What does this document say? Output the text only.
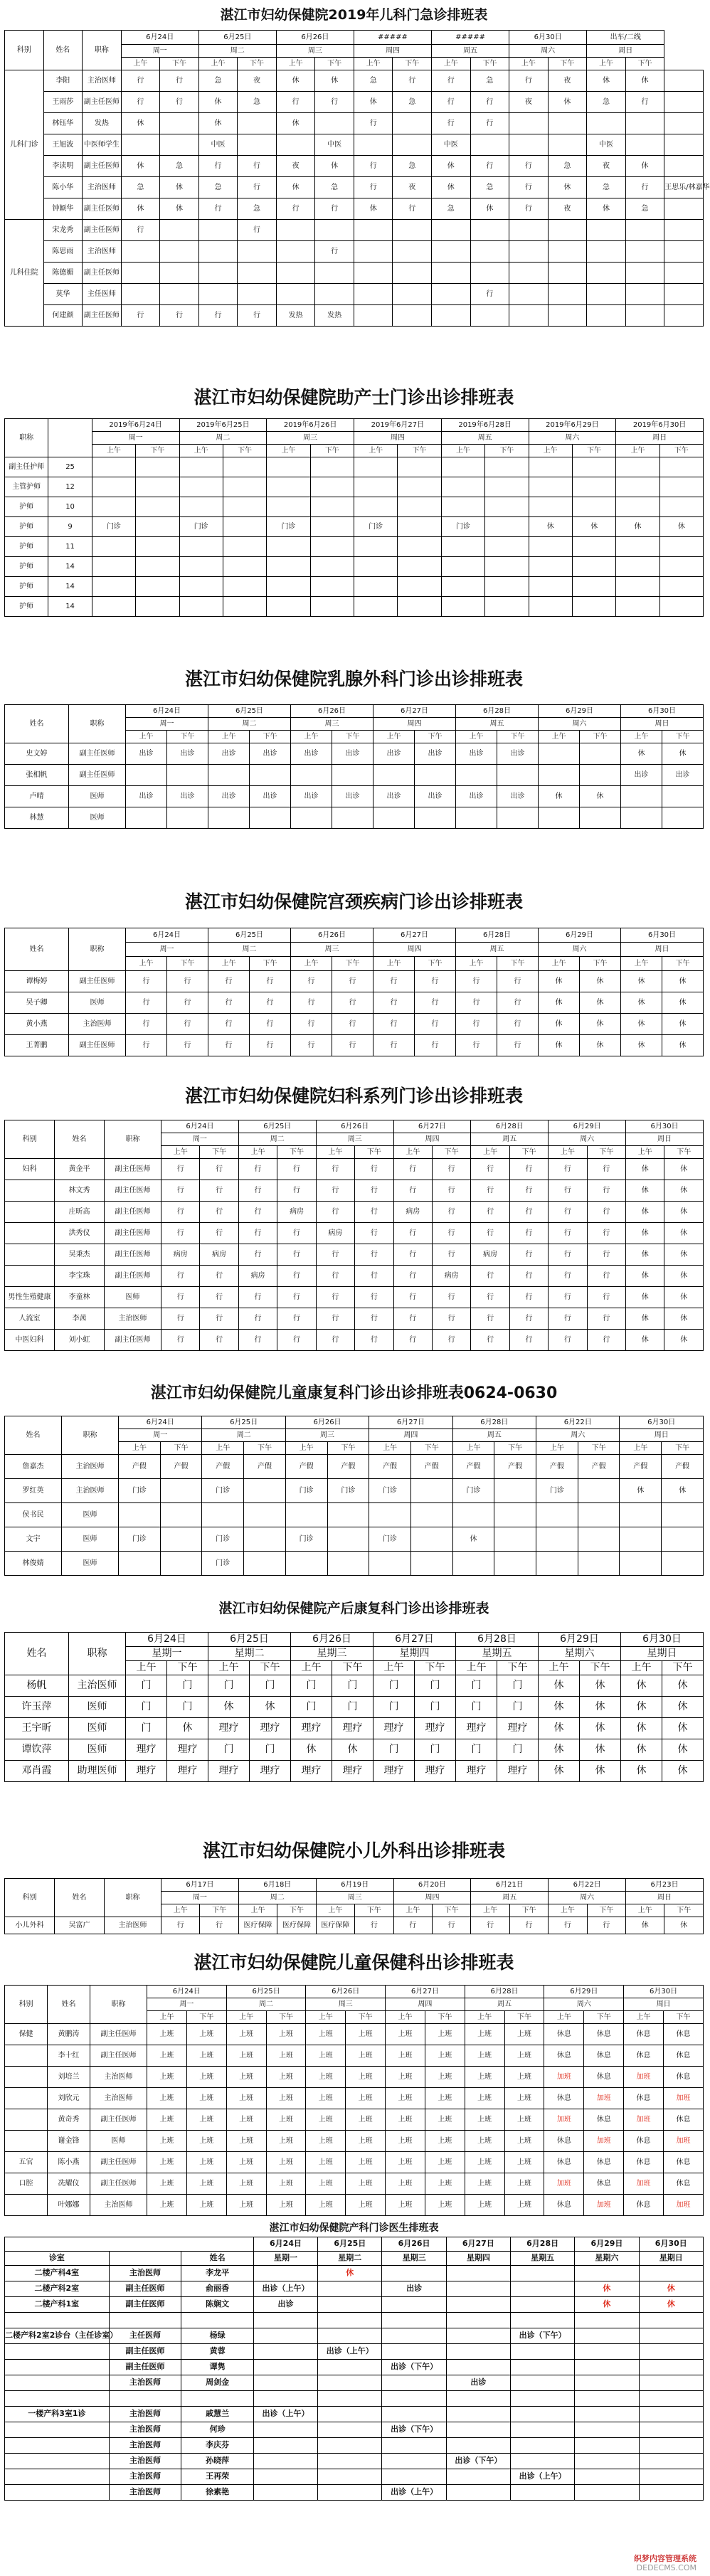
湛江市妇幼保健院2019年儿科门急诊排班表
科别	姓名	职称	6月24日		6月25日		6月26日		#####		#####		6月30日		出车/二线		
			周一		周二		周三		周四		周五		周六		周日		
			上午	下午	上午	下午	上午	下午	上午	下午	上午	下午	上午	下午	上午	下午	
儿科门诊	李阳	主治医师	行	行	急	夜	休	休	急	行	行	急	行	夜	休	休	
	王雨莎	副主任医师	行	行	休	急	行	行	休	急	行	行	夜	休	急	行	
	林钰华	发热	休		休		休		行		行	行					
	王旭波	中医师学生			中医			中医			中医				中医		
	李读明	副主任医师	休	急	行	行	夜	休	行	急	休	行	行	急	夜	休	
	陈小华	主治医师	急	休	急	行	休	急	行	夜	休	急	行	休	急	行	王思乐/林嘉华
	钟颖华	副主任医师	休	休	行	急	行	行	休	行	急	休	行	夜	休	急	
儿科住院	宋龙秀	副主任医师	行			行											
	陈思雨	主治医师						行									
	陈德媚	副主任医师															
	莫华	主任医师										行					
	何建颜	副主任医师	行	行	行	行	发热	发热									
湛江市妇幼保健院助产士门诊出诊排班表
职称		2019年6月24日		2019年6月25日		2019年6月26日		2019年6月27日		2019年6月28日		2019年6月29日		2019年6月30日	
		周一		周二		周三		周四		周五		周六		周日	
		上午	下午	上午	下午	上午	下午	上午	下午	上午	下午	上午	下午	上午	下午
副主任护师	25														
主管护师	12														
护师	10														
护师	9	门诊		门诊		门诊		门诊		门诊		休	休	休	休
护师	11														
护师	14														
护师	14														
护师	14														
湛江市妇幼保健院乳腺外科门诊出诊排班表
姓名	职称	6月24日		6月25日		6月26日		6月27日		6月28日		6月29日		6月30日	
		周一		周二		周三		周四		周五		周六		周日	
		上午	下午	上午	下午	上午	下午	上午	下午	上午	下午	上午	下午	上午	下午
史文婷	副主任医师	出诊	出诊	出诊	出诊	出诊	出诊	出诊	出诊	出诊	出诊			休	休
张相帆	副主任医师													出诊	出诊
卢晴	医师	出诊	出诊	出诊	出诊	出诊	出诊	出诊	出诊	出诊	出诊	休	休		
林慧	医师														
湛江市妇幼保健院宫颈疾病门诊出诊排班表
姓名	职称	6月24日		6月25日		6月26日		6月27日		6月28日		6月29日		6月30日	
		周一		周二		周三		周四		周五		周六		周日	
		上午	下午	上午	下午	上午	下午	上午	下午	上午	下午	上午	下午	上午	下午
谭梅婷	副主任医师	行	行	行	行	行	行	行	行	行	行	休	休	休	休
吴子卿	医师	行	行	行	行	行	行	行	行	行	行	休	休	休	休
黄小燕	主治医师	行	行	行	行	行	行	行	行	行	行	休	休	休	休
王菁鹏	副主任医师	行	行	行	行	行	行	行	行	行	行	休	休	休	休
湛江市妇幼保健院妇科系列门诊出诊排班表
科别	姓名	职称	6月24日		6月25日		6月26日		6月27日		6月28日		6月29日		6月30日	
			周一		周二		周三		周四		周五		周六		周日	
			上午	下午	上午	下午	上午	下午	上午	下午	上午	下午	上午	下午	上午	下午
妇科	黄金平	副主任医师	行	行	行	行	行	行	行	行	行	行	行	行	休	休
	林文秀	副主任医师	行	行	行	行	行	行	行	行	行	行	行	行	休	休
	庄昕高	副主任医师	行	行	行	病房	行	行	病房	行	行	行	行	行	休	休
	洪秀仪	副主任医师	行	行	行	行	病房	行	行	行	行	行	行	行	休	休
	吴秉杰	副主任医师	病房	病房	行	行	行	行	行	行	病房	行	行	行	休	休
	李宝珠	副主任医师	行	行	病房	行	行	行	行	病房	行	行	行	行	休	休
男性生殖健康	李童林	医师	行	行	行	行	行	行	行	行	行	行	行	行	休	休
人流室	李茜	主治医师	行	行	行	行	行	行	行	行	行	行	行	行	休	休
中医妇科	刘小虹	副主任医师	行	行	行	行	行	行	行	行	行	行	行	行	休	休
湛江市妇幼保健院儿童康复科门诊出诊排班表0624-0630
姓名	职称	6月24日		6月25日		6月26日		6月27日		6月28日		6月22日		6月30日	
		周一		周二		周三		周四		周五		周六		周日	
		上午	下午	上午	下午	上午	下午	上午	下午	上午	下午	上午	下午	上午	下午
詹嘉杰	主治医师	产假	产假	产假	产假	产假	产假	产假	产假	产假	产假	产假	产假	产假	产假
罗红英	主治医师	门诊		门诊		门诊	门诊	门诊		门诊		门诊		休	休
侯书民	医师														
文宇	医师	门诊		门诊		门诊		门诊		休					
林俊婧	医师			门诊											
湛江市妇幼保健院产后康复科门诊出诊排班表
姓名	职称	6月24日		6月25日		6月26日		6月27日		6月28日		6月29日		6月30日	
		星期一		星期二		星期三		星期四		星期五		星期六		星期日	
		上午	下午	上午	下午	上午	下午	上午	下午	上午	下午	上午	下午	上午	下午
杨帆	主治医师	门	门	门	门	门	门	门	门	门	门	休	休	休	休
许玉萍	医师	门	门	休	休	门	门	门	门	门	门	休	休	休	休
王宇昕	医师	门	休	理疗	理疗	理疗	理疗	理疗	理疗	理疗	理疗	休	休	休	休
谭钦萍	医师	理疗	理疗	门	门	休	休	门	门	门	门	休	休	休	休
邓肖霞	助理医师	理疗	理疗	理疗	理疗	理疗	理疗	理疗	理疗	理疗	理疗	休	休	休	休
湛江市妇幼保健院小儿外科出诊排班表
科别	姓名	职称	6月17日		6月18日		6月19日		6月20日		6月21日		6月22日		6月23日	
			周一		周二		周三		周四		周五		周六		周日	
			上午	下午	上午	下午	上午	下午	上午	下午	上午	下午	上午	下午	上午	下午
小儿外科	吴富广	主治医师	行	行	医疗保障	医疗保障	医疗保障	行	行	行	行	行	行	行	休	休
湛江市妇幼保健院儿童保健科出诊排班表
科别	姓名	职称	6月24日		6月25日		6月26日		6月27日		6月28日		6月29日		6月30日	
			周一		周二		周三		周四		周五		周六		周日	
			上午	下午	上午	下午	上午	下午	上午	下午	上午	下午	上午	下午	上午	下午
保健	黄鹏涛	副主任医师	上班	上班	上班	上班	上班	上班	上班	上班	上班	上班	休息	休息	休息	休息
	李十红	副主任医师	上班	上班	上班	上班	上班	上班	上班	上班	上班	上班	休息	休息	休息	休息
	刘培兰	主治医师	上班	上班	上班	上班	上班	上班	上班	上班	上班	上班	加班	休息	加班	休息
	刘欣元	主治医师	上班	上班	上班	上班	上班	上班	上班	上班	上班	上班	休息	加班	休息	加班
	黄奇秀	副主任医师	上班	上班	上班	上班	上班	上班	上班	上班	上班	上班	加班	休息	加班	休息
	谢金锋	医师	上班	上班	上班	上班	上班	上班	上班	上班	上班	上班	休息	加班	休息	加班
五官	陈小燕	副主任医师	上班	上班	上班	上班	上班	上班	上班	上班	上班	上班	休息	休息	休息	休息
口腔	冼耀仪	副主任医师	上班	上班	上班	上班	上班	上班	上班	上班	上班	上班	加班	休息	加班	休息
	叶娜娜	主治医师	上班	上班	上班	上班	上班	上班	上班	上班	上班	上班	休息	加班	休息	加班
湛江市妇幼保健院产科门诊医生排班表									
			6月24日	6月25日	6月26日	6月27日	6月28日	6月29日	6月30日
诊室		姓名	星期一	星期二	星期三	星期四	星期五	星期六	星期日
二楼产科4室	主治医师	李龙平		休					
二楼产科2室	副主任医师	俞丽香	出诊（上午）		出诊			休	休
二楼产科1室	副主任医师	陈娴文	出诊					休	休

二楼产科2室2诊台（主任诊室）	主任医师	杨绿					出诊（下午）		
	副主任医师	黄蓉		出诊（上午）					
	副主任医师	谭隽			出诊（下午）				
	主治医师	周剑金				出诊			

一楼产科3室1诊	主治医师	戚慧兰	出诊（上午）						
	主治医师	何珍			出诊（下午）				
	主治医师	李庆芬							
	主治医师	孙晓萍				出诊（下午）			
	主治医师	王再荣					出诊（上午）		
	主治医师	徐素艳			出诊（上午）				
织梦内容管理系统
DEDECMS.COM
